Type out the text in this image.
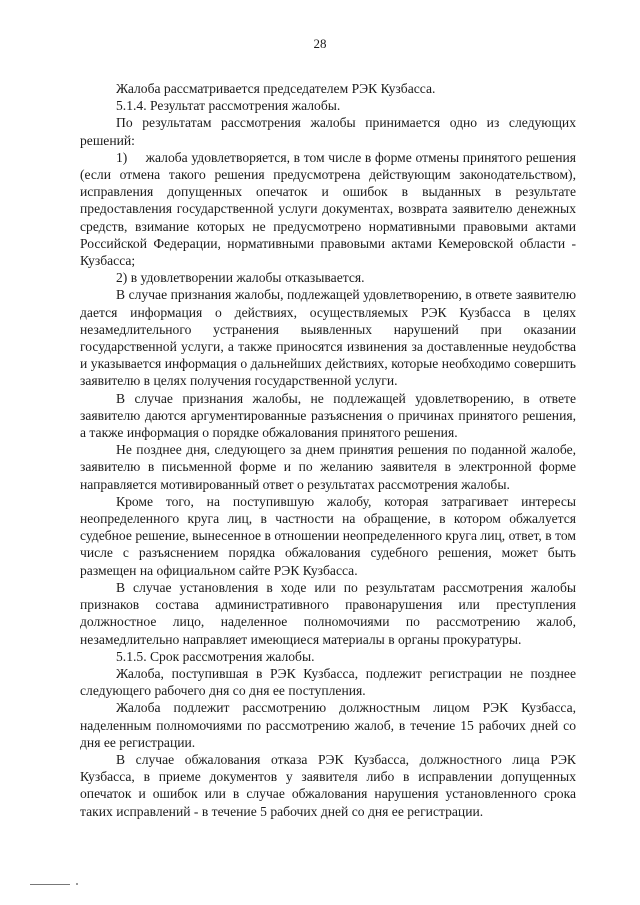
28

Жалоба рассматривается председателем РЭК Кузбасса.

5.1.4. Результат рассмотрения жалобы.

По результатам рассмотрения жалобы принимается одно из следующих решений:

1)     жалоба удовлетворяется, в том числе в форме отмены принятого решения (если отмена такого решения предусмотрена действующим законодательством), исправления допущенных опечаток и ошибок в выданных в результате предоставления государственной услуги документах, возврата заявителю денежных средств, взимание которых не предусмотрено нормативными правовыми актами Российской Федерации, нормативными правовыми актами Кемеровской области - Кузбасса;

2) в удовлетворении жалобы отказывается.

В случае признания жалобы, подлежащей удовлетворению, в ответе заявителю дается информация о действиях, осуществляемых РЭК Кузбасса в целях незамедлительного устранения выявленных нарушений при оказании государственной услуги, а также приносятся извинения за доставленные неудобства и указывается информация о дальнейших действиях, которые необходимо совершить заявителю в целях получения государственной услуги.

В случае признания жалобы, не подлежащей удовлетворению, в ответе заявителю даются аргументированные разъяснения о причинах принятого решения, а также информация о порядке обжалования принятого решения.

Не позднее дня, следующего за днем принятия решения по поданной жалобе, заявителю в письменной форме и по желанию заявителя в электронной форме направляется мотивированный ответ о результатах рассмотрения жалобы.

Кроме того, на поступившую жалобу, которая затрагивает интересы неопределенного круга лиц, в частности на обращение, в котором обжалуется судебное решение, вынесенное в отношении неопределенного круга лиц, ответ, в том числе с разъяснением порядка обжалования судебного решения, может быть размещен на официальном сайте РЭК Кузбасса.

В случае установления в ходе или по результатам рассмотрения жалобы признаков состава административного правонарушения или преступления должностное лицо, наделенное полномочиями по рассмотрению жалоб, незамедлительно направляет имеющиеся материалы в органы прокуратуры.

5.1.5. Срок рассмотрения жалобы.

Жалоба, поступившая в РЭК Кузбасса, подлежит регистрации не позднее следующего рабочего дня со дня ее поступления.

Жалоба подлежит рассмотрению должностным лицом РЭК Кузбасса, наделенным полномочиями по рассмотрению жалоб, в течение 15 рабочих дней со дня ее регистрации.

В случае обжалования отказа РЭК Кузбасса, должностного лица РЭК Кузбасса, в приеме документов у заявителя либо в исправлении допущенных опечаток и ошибок или в случае обжалования нарушения установленного срока таких исправлений - в течение 5 рабочих дней со дня ее регистрации.
